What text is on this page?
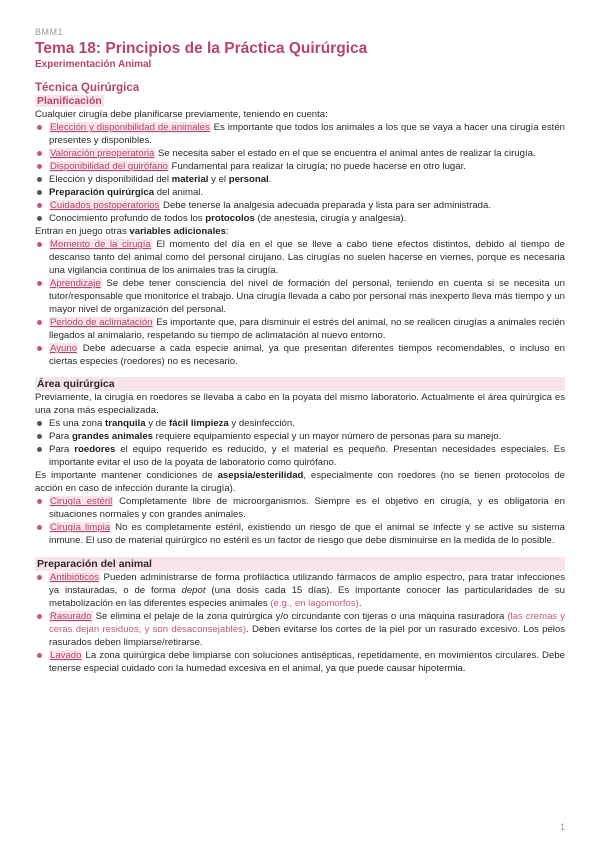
BMM1
Tema 18: Principios de la Práctica Quirúrgica
Experimentación Animal
Técnica Quirúrgica
Planificación

Cualquier cirugía debe planificarse previamente, teniendo en cuenta:

Elección y disponibilidad de animales Es importante que todos los animales a los que se vaya a hacer una cirugía estén presentes y disponibles.
Valoración preoperatoria Se necesita saber el estado en el que se encuentra el animal antes de realizar la cirugía.
Disponibilidad del quirófano Fundamental para realizar la cirugía; no puede hacerse en otro lugar.
Elección y disponibilidad del material y el personal.
Preparación quirúrgica del animal.
Cuidados postoperatorios Debe tenerse la analgesia adecuada preparada y lista para ser administrada.
Conocimiento profundo de todos los protocolos (de anestesia, cirugía y analgesia).

Entran en juego otras variables adicionales:

Momento de la cirugía El momento del día en el que se lleve a cabo tiene efectos distintos, debido al tiempo de descanso tanto del animal como del personal cirujano. Las cirugías no suelen hacerse en viernes, porque es necesaria una vigilancia continua de los animales tras la cirugía.
Aprendizaje Se debe tener consciencia del nivel de formación del personal, teniendo en cuenta si se necesita un tutor/responsable que monitorice el trabajo. Una cirugía llevada a cabo por personal más inexperto lleva más tiempo y un mayor nivel de organización del personal.
Periodo de aclimatación Es importante que, para disminuir el estrés del animal, no se realicen cirugías a animales recién llegados al animalario, respetando su tiempo de aclimatación al nuevo entorno.
Ayuno Debe adecuarse a cada especie animal, ya que presentan diferentes tiempos recomendables, o incluso en ciertas especies (roedores) no es necesario.
Área quirúrgica

Previamente, la cirugía en roedores se llevaba a cabo en la poyata del mismo laboratorio. Actualmente el área quirúrgica es una zona más especializada.

Es una zona tranquila y de fácil limpieza y desinfección.
Para grandes animales requiere equipamiento especial y un mayor número de personas para su manejo.
Para roedores el equipo requerido es reducido, y el material es pequeño. Presentan necesidades especiales. Es importante evitar el uso de la poyata de laboratorio como quirófano.

Es importante mantener condiciones de asepsia/esterilidad, especialmente con roedores (no se tienen protocolos de acción en caso de infección durante la cirugía).

Cirugía estéril Completamente libre de microorganismos. Siempre es el objetivo en cirugía, y es obligatoria en situaciones normales y con grandes animales.
Cirugía limpia No es completamente estéril, existiendo un riesgo de que el animal se infecte y se active su sistema inmune. El uso de material quirúrgico no estéril es un factor de riesgo que debe disminuirse en la medida de lo posible.
Preparación del animal
Antibióticos Pueden administrarse de forma profiláctica utilizando fármacos de amplio espectro, para tratar infecciones ya instauradas, o de forma depot (una dosis cada 15 días). Es importante conocer las particularidades de su metabolización en las diferentes especies animales (e.g., en lagomorfos).
Rasurado Se elimina el pelaje de la zona quirúrgica y/o circundante con tijeras o una máquina rasuradora (las cremas y ceras dejan residuos, y son desaconsejables). Deben evitarse los cortes de la piel por un rasurado excesivo. Los pelos rasurados deben limpiarse/retirarse.
Lavado La zona quirúrgica debe limpiarse con soluciones antisépticas, repetidamente, en movimientos circulares. Debe tenerse especial cuidado con la humedad excesiva en el animal, ya que puede causar hipotermia.
1
